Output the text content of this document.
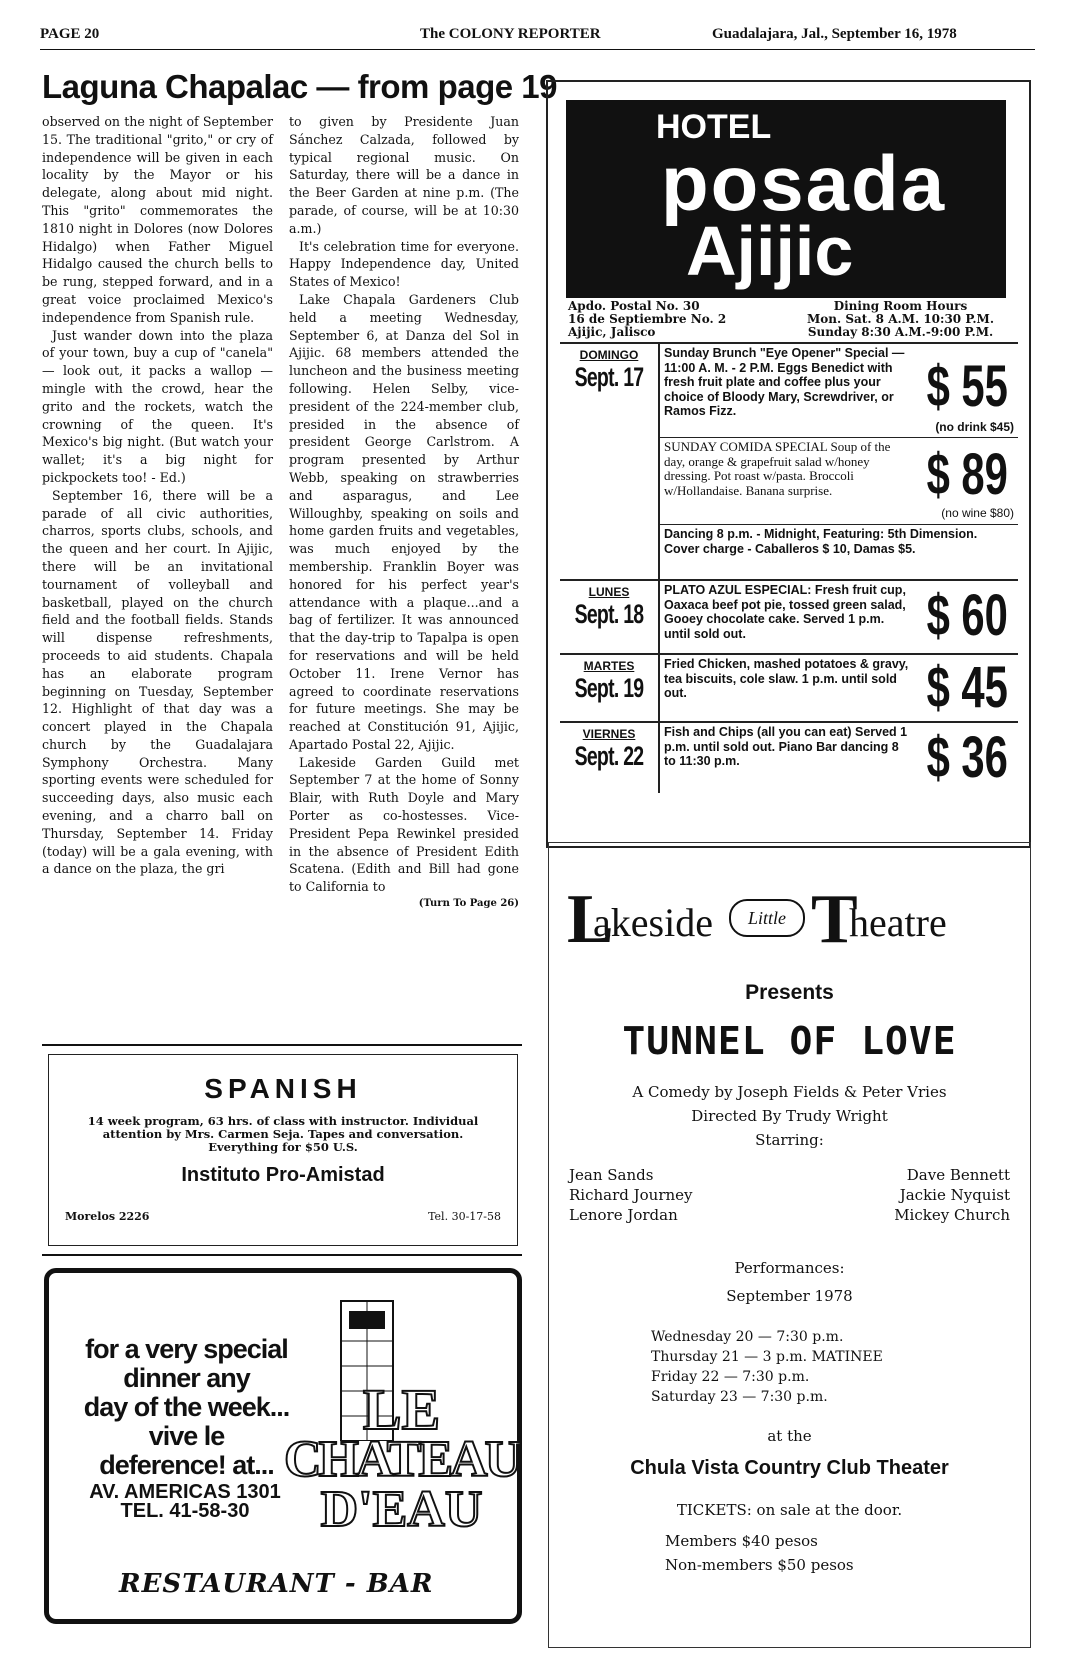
PAGE 20	The COLONY REPORTER	Guadalajara, Jal., September 16, 1978
Laguna Chapalac — from page 19

observed on the night of September 15. The traditional "grito," or cry of independence will be given in each locality by the Mayor or his delegate, along about mid night. This "grito" commemorates the 1810 night in Dolores (now Dolores Hidalgo) when Father Miguel Hidalgo caused the church bells to be rung, stepped forward, and in a great voice proclaimed Mexico's independence from Spanish rule.

Just wander down into the plaza of your town, buy a cup of "canela" — look out, it packs a wallop — mingle with the crowd, hear the grito and the rockets, watch the crowning of the queen. It's Mexico's big night. (But watch your wallet; it's a big night for pickpockets too! - Ed.)

September 16, there will be a parade of all civic authorities, charros, sports clubs, schools, and the queen and her court. In Ajijic, there will be an invitational tournament of volleyball and basketball, played on the church field and the football fields. Stands will dispense refreshments, proceeds to aid students. Chapala has an elaborate program beginning on Tuesday, September 12. Highlight of that day was a concert played in the Chapala church by the Guadalajara Symphony Orchestra. Many sporting events were scheduled for succeeding days, also music each evening, and a charro ball on Thursday, September 14. Friday (today) will be a gala evening, with a dance on the plaza, the gri

to given by Presidente Juan Sánchez Calzada, followed by typical regional music. On Saturday, there will be a dance in the Beer Garden at nine p.m. (The parade, of course, will be at 10:30 a.m.)

It's celebration time for everyone. Happy Independence day, United States of Mexico!

Lake Chapala Gardeners Club held a meeting Wednesday, September 6, at Danza del Sol in Ajijic. 68 members attended the luncheon and the business meeting following. Helen Selby, vice-president of the 224-member club, presided in the absence of president George Carlstrom. A program presented by Arthur Webb, speaking on strawberries and asparagus, and Lee Willoughby, speaking on soils and home garden fruits and vegetables, was much enjoyed by the membership. Franklin Boyer was honored for his perfect year's attendance with a plaque...and a bag of fertilizer. It was announced that the day-trip to Tapalpa is open for reservations and will be held October 11. Irene Vernor has agreed to coordinate reservations for future meetings. She may be reached at Constitución 91, Ajijic, Apartado Postal 22, Ajijic.

Lakeside Garden Guild met September 7 at the home of Sonny Blair, with Ruth Doyle and Mary Porter as co-hostesses. Vice-President Pepa Rewinkel presided in the absence of President Edith Scatena. (Edith and Bill had gone to California to

(Turn To Page 26)
HOTEL
posada
Ajijic
Apdo. Postal No. 30
16 de Septiembre No. 2
Ajijic, Jalisco
Dining Room Hours
Mon. Sat. 8 A.M. 10:30 P.M.
Sunday 8:30 A.M.-9:00 P.M.
DOMINGO
Sept. 17
Sunday Brunch "Eye Opener" Special — 11:00 A. M. - 2 P.M. Eggs Benedict with fresh fruit plate and coffee plus your choice of Bloody Mary, Screwdriver, or Ramos Fizz.	$ 55
(no drink $45)
SUNDAY COMIDA SPECIAL Soup of the day, orange & grapefruit salad w/honey dressing. Pot roast w/pasta. Broccoli w/Hollandaise. Banana surprise.	$ 89
(no wine $80)
Dancing 8 p.m. - Midnight, Featuring: 5th Dimension. Cover charge - Caballeros $ 10, Damas $5.
LUNES
Sept. 18
PLATO AZUL ESPECIAL: Fresh fruit cup, Oaxaca beef pot pie, tossed green salad, Gooey chocolate cake. Served 1 p.m. until sold out.	$ 60
MARTES
Sept. 19
Fried Chicken, mashed potatoes & gravy, tea biscuits, cole slaw. 1 p.m. until sold out.	$ 45
VIERNES
Sept. 22
Fish and Chips (all you can eat) Served 1 p.m. until sold out. Piano Bar dancing 8 to 11:30 p.m.	$ 36
SPANISH
14 week program, 63 hrs. of class with instructor. Individual attention by Mrs. Carmen Seja. Tapes and conversation. Everything for $50 U.S.
Instituto Pro-Amistad
Morelos 2226	Tel. 30-17-58
for a very special
dinner any
day of the week...
vive le
deference! at...
AV. AMERICAS 1301
TEL. 41-58-30
LE
CHATEAU
D'EAU
RESTAURANT - BAR
L
akeside	Little T
heatre
Presents
TUNNEL OF LOVE
A Comedy by Joseph Fields & Peter Vries
Directed By Trudy Wright
Starring:
Jean Sands
Richard Journey
Lenore Jordan
Dave Bennett
Jackie Nyquist
Mickey Church
Performances:
September 1978
Wednesday 20 — 7:30 p.m.
Thursday 21 — 3 p.m. MATINEE
Friday 22 — 7:30 p.m.
Saturday 23 — 7:30 p.m.
at the
Chula Vista Country Club Theater
TICKETS: on sale at the door.
Members $40 pesos
Non-members $50 pesos
